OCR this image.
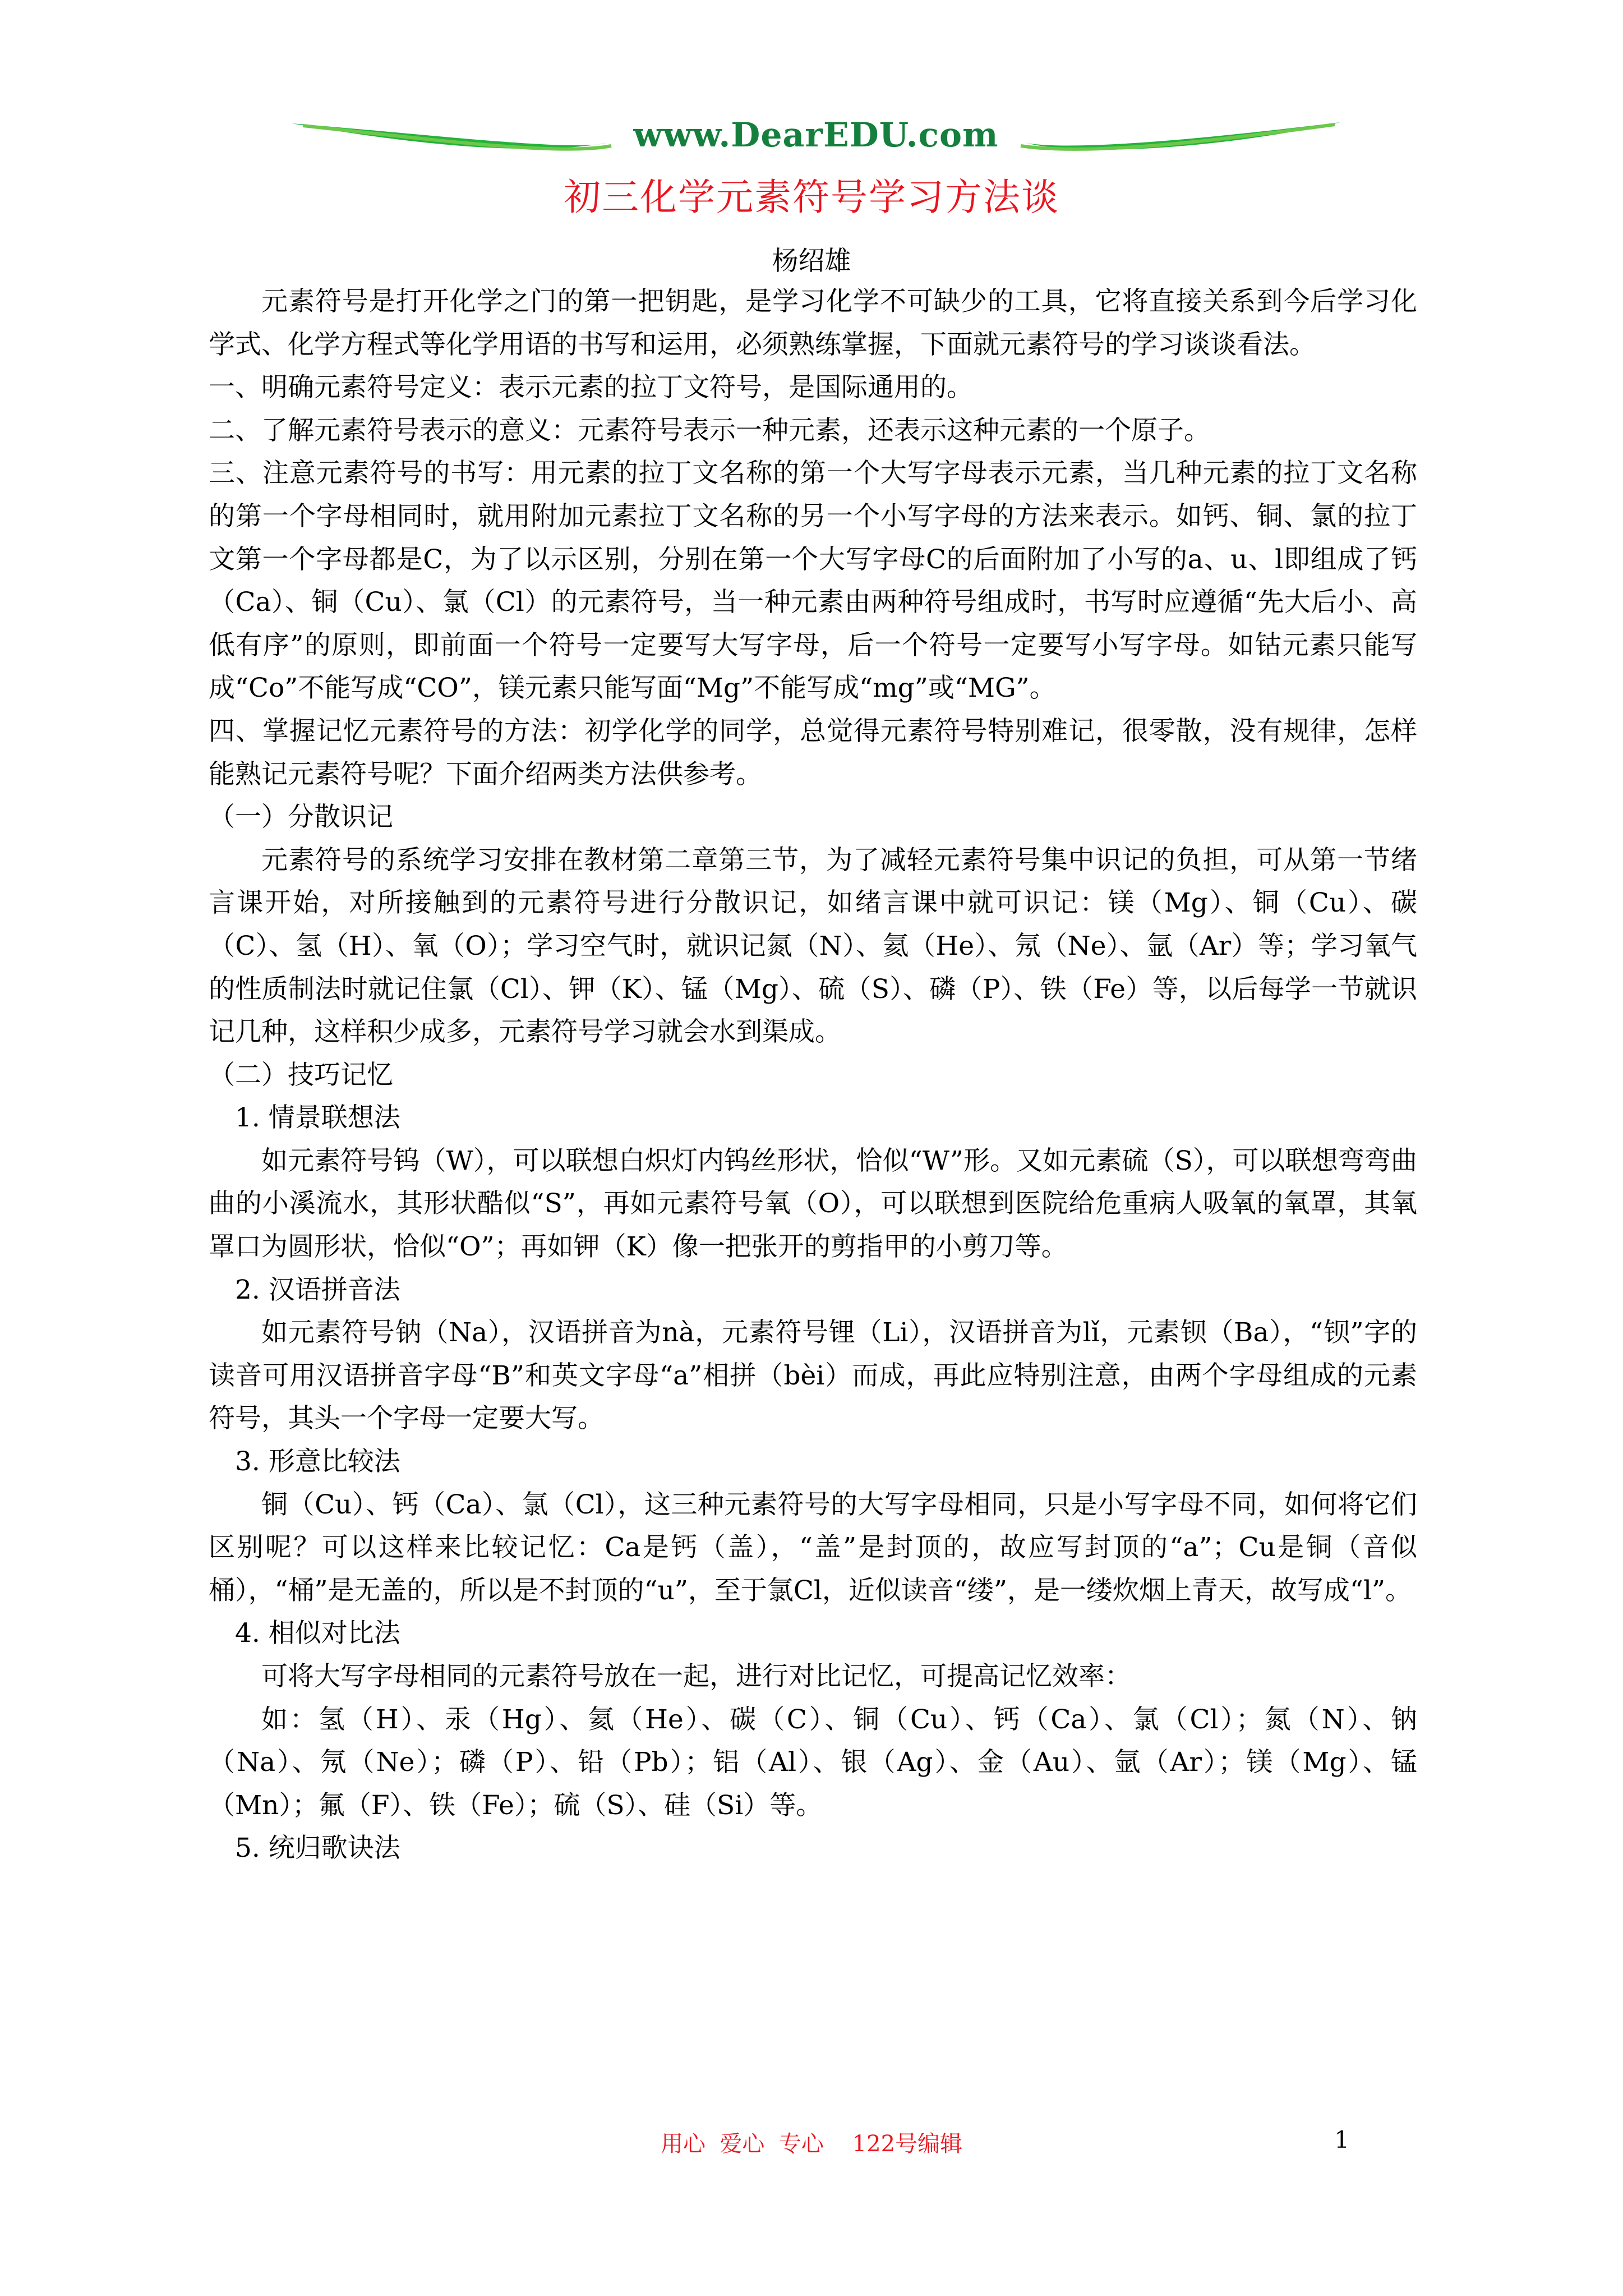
www.DearEDU.com
初三化学元素符号学习方法谈
杨绍雄

元素符号是打开化学之门的第一把钥匙，是学习化学不可缺少的工具，它将直接关系到今后学习化学式、化学方程式等化学用语的书写和运用，必须熟练掌握，下面就元素符号的学习谈谈看法。

一、明确元素符号定义：表示元素的拉丁文符号，是国际通用的。

二、了解元素符号表示的意义：元素符号表示一种元素，还表示这种元素的一个原子。

三、注意元素符号的书写：用元素的拉丁文名称的第一个大写字母表示元素，当几种元素的拉丁文名称的第一个字母相同时，就用附加元素拉丁文名称的另一个小写字母的方法来表示。如钙、铜、氯的拉丁文第一个字母都是C，为了以示区别，分别在第一个大写字母C的后面附加了小写的a、u、l即组成了钙（Ca）、铜（Cu）、氯（Cl）的元素符号，当一种元素由两种符号组成时，书写时应遵循“先大后小、高低有序”的原则，即前面一个符号一定要写大写字母，后一个符号一定要写小写字母。如钴元素只能写成“Co”不能写成“CO”，镁元素只能写面“Mg”不能写成“mg”或“MG”。

四、掌握记忆元素符号的方法：初学化学的同学，总觉得元素符号特别难记，很零散，没有规律，怎样能熟记元素符号呢？下面介绍两类方法供参考。

（一）分散识记

元素符号的系统学习安排在教材第二章第三节，为了减轻元素符号集中识记的负担，可从第一节绪言课开始，对所接触到的元素符号进行分散识记，如绪言课中就可识记：镁（Mg）、铜（Cu）、碳（C）、氢（H）、氧（O）；学习空气时，就识记氮（N）、氦（He）、氖（Ne）、氩（Ar）等；学习氧气的性质制法时就记住氯（Cl）、钾（K）、锰（Mg）、硫（S）、磷（P）、铁（Fe）等，以后每学一节就识记几种，这样积少成多，元素符号学习就会水到渠成。

（二）技巧记忆

1. 情景联想法

如元素符号钨（W），可以联想白炽灯内钨丝形状，恰似“W”形。又如元素硫（S），可以联想弯弯曲曲的小溪流水，其形状酷似“S”，再如元素符号氧（O），可以联想到医院给危重病人吸氧的氧罩，其氧罩口为圆形状，恰似“O”；再如钾（K）像一把张开的剪指甲的小剪刀等。

2. 汉语拼音法

如元素符号钠（Na），汉语拼音为nà，元素符号锂（Li），汉语拼音为lǐ，元素钡（Ba），“钡”字的读音可用汉语拼音字母“B”和英文字母“a”相拼（bèi）而成，再此应特别注意，由两个字母组成的元素符号，其头一个字母一定要大写。

3. 形意比较法

铜（Cu）、钙（Ca）、氯（Cl），这三种元素符号的大写字母相同，只是小写字母不同，如何将它们区别呢？可以这样来比较记忆：Ca是钙（盖），“盖”是封顶的，故应写封顶的“a”；Cu是铜（音似桶），“桶”是无盖的，所以是不封顶的“u”，至于氯Cl，近似读音“缕”，是一缕炊烟上青天，故写成“l”。

4. 相似对比法

可将大写字母相同的元素符号放在一起，进行对比记忆，可提高记忆效率：

如：氢（H）、汞（Hg）、氦（He）、碳（C）、铜（Cu）、钙（Ca）、氯（Cl）；氮（N）、钠（Na）、氖（Ne）；磷（P）、铅（Pb）；铝（Al）、银（Ag）、金（Au）、氩（Ar）；镁（Mg）、锰（Mn）；氟（F）、铁（Fe）；硫（S）、硅（Si）等。

5. 统归歌诀法

用心  爱心  专心    122号编辑	1
